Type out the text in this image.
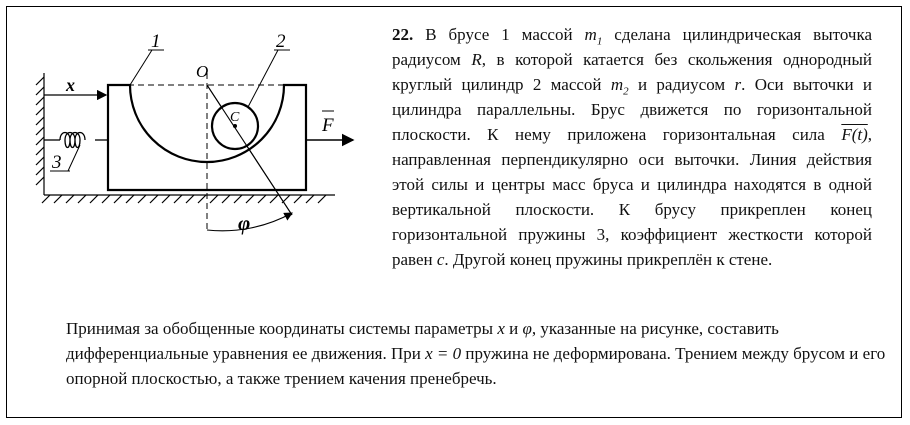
1	2
3
O
C
x
F
φ
22. В брусе 1 массой $m_1$ сделана цилиндрическая выточка радиусом R, в которой катается без скольжения однородный круглый цилиндр 2 массой $m_2$ и радиусом r. Оси выточки и цилиндра параллельны. Брус движется по горизонтальной плоскости. К нему приложена горизонтальная сила F(t), направленная перпендикулярно оси выточки. Линия действия этой силы и центры масс бруса и цилиндра находятся в одной вертикальной плоскости. К брусу прикреплен конец горизонтальной пружины 3, коэффициент жесткости которой равен c. Другой конец пружины прикреплён к стене.
Принимая за обобщенные координаты системы параметры x и φ, указанные на рисунке, составить дифференциальные уравнения ее движения. При x = 0 пружина не деформирована. Трением между брусом и его опорной плоскостью, а также трением качения пренебречь.
